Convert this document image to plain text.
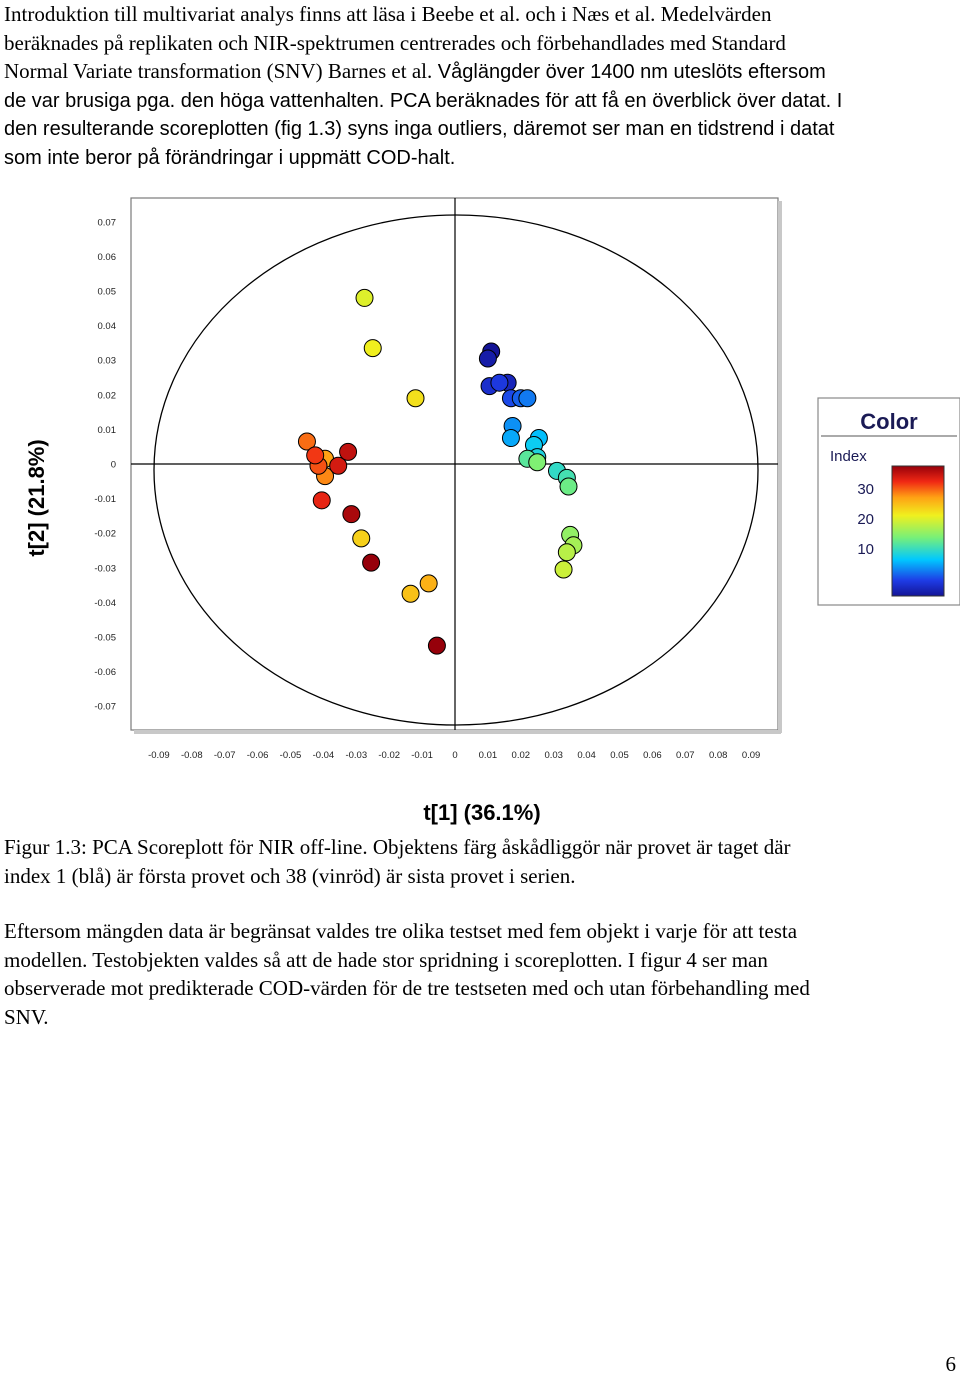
Introduktion till multivariat analys finns att läsa i Beebe et al. och i Næs et al. Medelvärden
beräknades på replikaten och NIR-spektrumen centrerades och förbehandlades med Standard
Normal Variate transformation (SNV) Barnes et al. Våglängder över 1400 nm uteslöts eftersom
de var brusiga pga. den höga vattenhalten. PCA beräknades för att få en överblick över datat. I
den resulterande scoreplotten (fig 1.3) syns inga outliers, däremot ser man en tidstrend i datat
som inte beror på förändringar i uppmätt COD-halt.
-0.09 -0.08 -0.07 -0.06 -0.05 -0.04 -0.03 -0.02 -0.01 0 0.01 0.02 0.03 0.04 0.05 0.06 0.07 0.08 0.09
0.07
0.06
0.05
0.04
0.03
0.02
0.01
0
-0.01
-0.02
-0.03
-0.04
-0.05
-0.06
-0.07
Color
Index
30
20
10
t[1] (36.1%)
t[2] (21.8%)
Figur 1.3: PCA Scoreplott för NIR off-line. Objektens färg åskådliggör när provet är taget där
index 1 (blå) är första provet och 38 (vinröd) är sista provet i serien.
Eftersom mängden data är begränsat valdes tre olika testset med fem objekt i varje för att testa
modellen. Testobjekten valdes så att de hade stor spridning i scoreplotten. I figur 4 ser man
observerade mot predikterade COD-värden för de tre testseten med och utan förbehandling med
SNV.

6
